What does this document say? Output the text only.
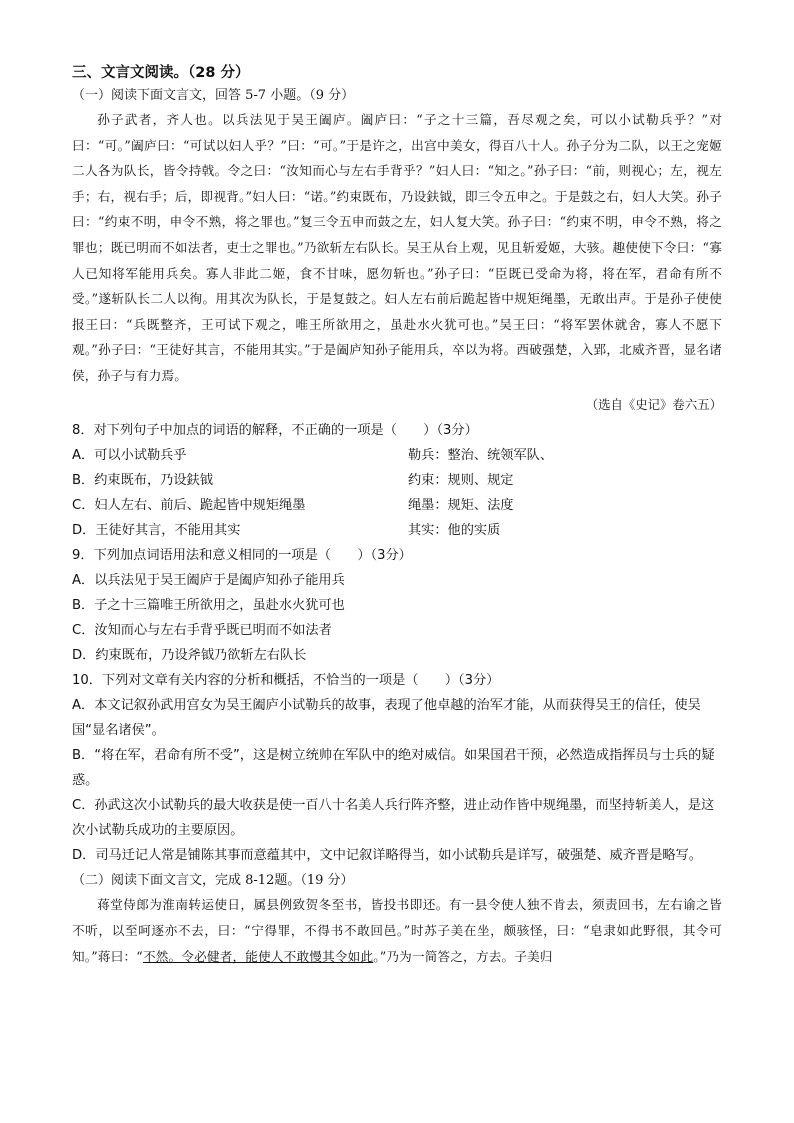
三、文言文阅读。（28 分）
（一）阅读下面文言文，回答 5-7 小题。（9 分）

孙子武者，齐人也。以兵法见于吴王阖庐。阖庐曰：“子之十三篇，吾尽观之矣，可以小试勒兵乎？”对曰：“可。”阖庐曰：“可试以妇人乎？”曰：“可。”于是许之，出宫中美女，得百八十人。孙子分为二队，以王之宠姬二人各为队长，皆令持戟。令之曰：“汝知而心与左右手背乎？”妇人曰：“知之。”孙子曰：“前，则视心；左，视左手；右，视右手；后，即视背。”妇人曰：“诺。”约束既布，乃设鈇钺，即三令五申之。于是鼓之右，妇人大笑。孙子曰：“约束不明，申令不熟，将之罪也。”复三令五申而鼓之左，妇人复大笑。孙子曰：“约束不明，申令不熟，将之罪也；既已明而不如法者，吏士之罪也。”乃欲斩左右队长。吴王从台上观，见且斩爱姬，大骇。趣使使下令曰：“寡人已知将军能用兵矣。寡人非此二姬，食不甘味，愿勿斩也。”孙子曰：“臣既已受命为将，将在军，君命有所不受。”遂斩队长二人以徇。用其次为队长，于是复鼓之。妇人左右前后跪起皆中规矩绳墨，无敢出声。于是孙子使使报王曰：“兵既整齐，王可试下观之，唯王所欲用之，虽赴水火犹可也。”吴王曰：“将军罢休就舍，寡人不愿下观。”孙子曰：“王徒好其言，不能用其实。”于是阖庐知孙子能用兵，卒以为将。西破强楚，入郢，北威齐晋，显名诸侯，孙子与有力焉。

（选自《史记》卷六五）
8．对下列句子中加点的词语的解释，不正确的一项是（　　）（3分）
A．可以小试勒兵乎	勒兵：整治、统领军队、
B．约束既布，乃设鈇钺	约束：规则、规定
C．妇人左右、前后、跪起皆中规矩绳墨	绳墨：规矩、法度
D．王徒好其言，不能用其实	其实：他的实质
9．下列加点词语用法和意义相同的一项是（　　）（3分）
A．以兵法见于吴王阖庐于是阖庐知孙子能用兵
B．子之十三篇唯王所欲用之，虽赴水火犹可也
C．汝知而心与左右手背乎既已明而不如法者
D．约束既布，乃设斧钺乃欲斩左右队长
10．下列对文章有关内容的分析和概括，不恰当的一项是（　　）（3分）
A．本文记叙孙武用宫女为吴王阖庐小试勒兵的故事，表现了他卓越的治军才能，从而获得吴王的信任，使吴国“显名诸侯”。
B．“将在军，君命有所不受”，这是树立统帅在军队中的绝对威信。如果国君干预，必然造成指挥员与士兵的疑惑。
C．孙武这次小试勒兵的最大收获是使一百八十名美人兵行阵齐整，进止动作皆中规绳墨，而坚持斩美人，是这次小试勒兵成功的主要原因。
D．司马迁记人常是铺陈其事而意蕴其中，文中记叙详略得当，如小试勒兵是详写，破强楚、威齐晋是略写。
（二）阅读下面文言文，完成 8-12题。（19 分）

蒋堂侍郎为淮南转运使日，属县例致贺冬至书，皆投书即还。有一县令使人独不肯去，须责回书，左右谕之皆不听，以至呵逐亦不去，曰：“宁得罪，不得书不敢回邑。”时苏子美在坐，颇骇怪，曰：“皂隶如此野很，其令可知。”蒋曰：“不然。令必健者，能使人不敢慢其令如此。”乃为一简答之，方去。子美归
